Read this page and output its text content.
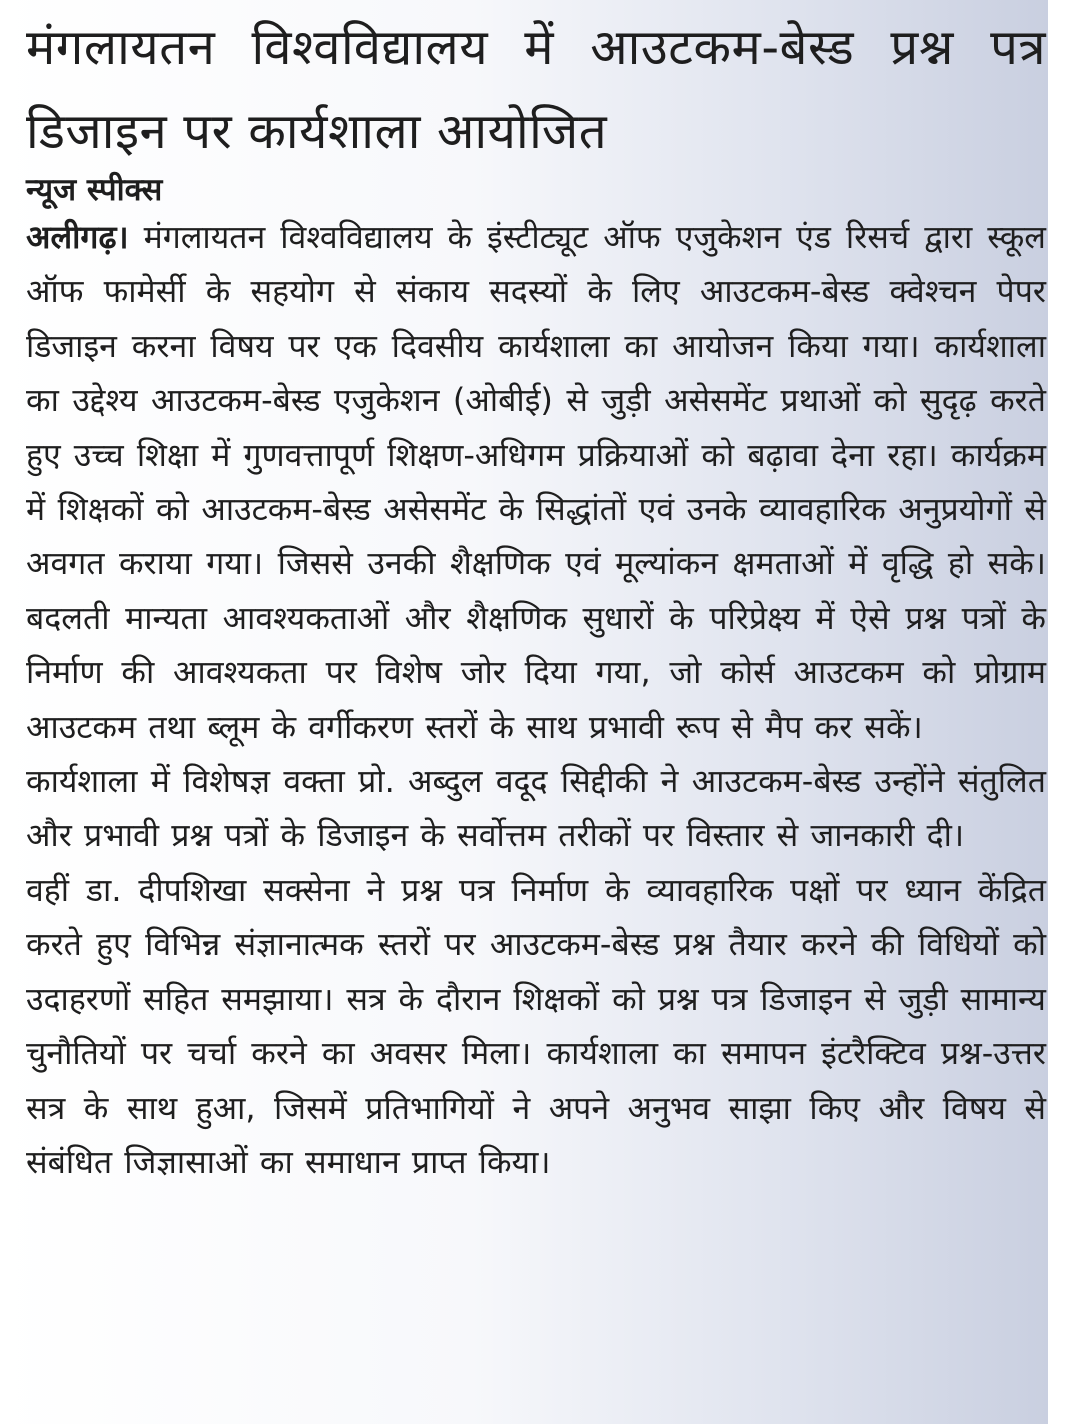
मंगलायतन विश्वविद्यालय में आउटकम-बेस्ड प्रश्न पत्र डिजाइन पर कार्यशाला आयोजित

न्यूज स्पीक्स

अलीगढ़। मंगलायतन विश्वविद्यालय के इंस्टीट्यूट ऑफ एजुकेशन एंड रिसर्च द्वारा स्कूल ऑफ फामेर्सी के सहयोग से संकाय सदस्यों के लिए आउटकम-बेस्ड क्वेश्चन पेपर डिजाइन करना विषय पर एक दिवसीय कार्यशाला का आयोजन किया गया। कार्यशाला का उद्देश्य आउटकम-बेस्ड एजुकेशन (ओबीई) से जुड़ी असेसमेंट प्रथाओं को सुदृढ़ करते हुए उच्च शिक्षा में गुणवत्तापूर्ण शिक्षण-अधिगम प्रक्रियाओं को बढ़ावा देना रहा। कार्यक्रम में शिक्षकों को आउटकम-बेस्ड असेसमेंट के सिद्धांतों एवं उनके व्यावहारिक अनुप्रयोगों से अवगत कराया गया। जिससे उनकी शैक्षणिक एवं मूल्यांकन क्षमताओं में वृद्धि हो सके। बदलती मान्यता आवश्यकताओं और शैक्षणिक सुधारों के परिप्रेक्ष्य में ऐसे प्रश्न पत्रों के निर्माण की आवश्यकता पर विशेष जोर दिया गया, जो कोर्स आउटकम को प्रोग्राम आउटकम तथा ब्लूम के वर्गीकरण स्तरों के साथ प्रभावी रूप से मैप कर सकें।

कार्यशाला में विशेषज्ञ वक्ता प्रो. अब्दुल वदूद सिद्दीकी ने आउटकम-बेस्ड उन्होंने संतुलित और प्रभावी प्रश्न पत्रों के डिजाइन के सर्वोत्तम तरीकों पर विस्तार से जानकारी दी।

वहीं डा. दीपशिखा सक्सेना ने प्रश्न पत्र निर्माण के व्यावहारिक पक्षों पर ध्यान केंद्रित करते हुए विभिन्न संज्ञानात्मक स्तरों पर आउटकम-बेस्ड प्रश्न तैयार करने की विधियों को उदाहरणों सहित समझाया। सत्र के दौरान शिक्षकों को प्रश्न पत्र डिजाइन से जुड़ी सामान्य चुनौतियों पर चर्चा करने का अवसर मिला। कार्यशाला का समापन इंटरैक्टिव प्रश्न-उत्तर सत्र के साथ हुआ, जिसमें प्रतिभागियों ने अपने अनुभव साझा किए और विषय से संबंधित जिज्ञासाओं का समाधान प्राप्त किया।
